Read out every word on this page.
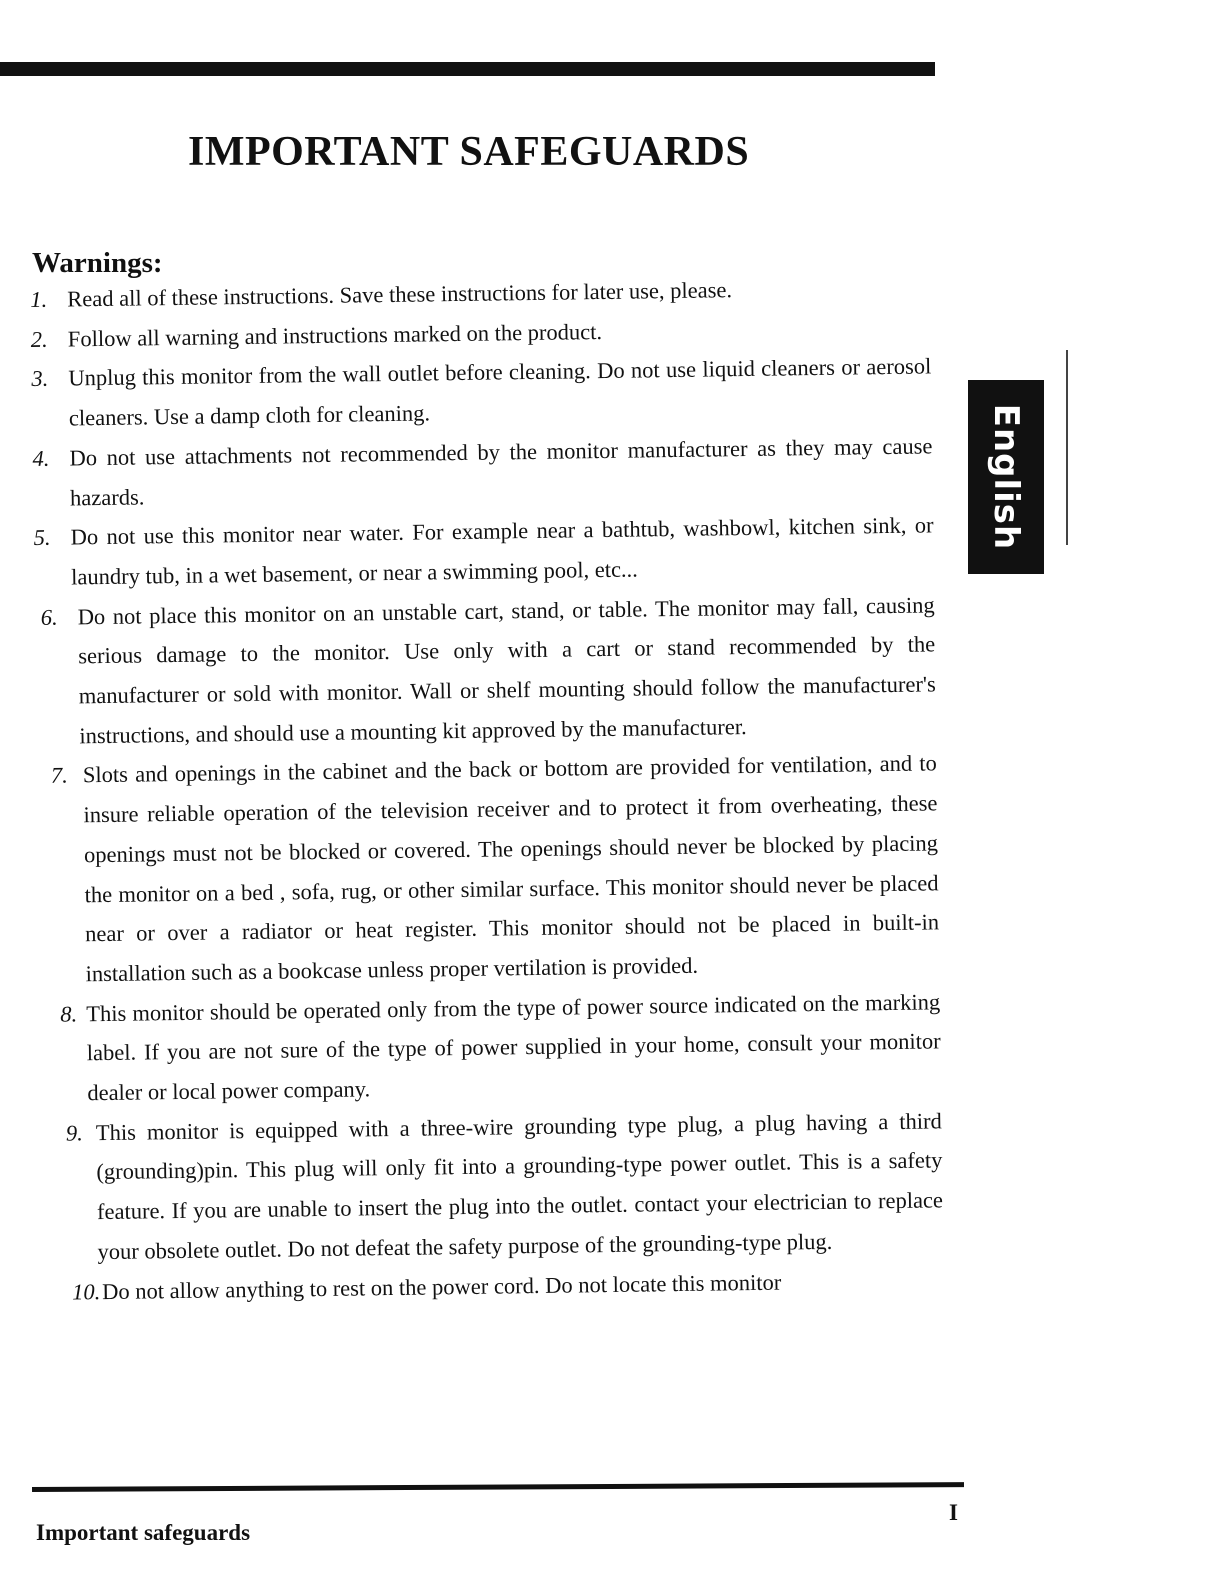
IMPORTANT SAFEGUARDS
Warnings:
1. Read all of these instructions. Save these instructions for later use, please.
2. Follow all warning and instructions marked on the product.
3. Unplug this monitor from the wall outlet before cleaning. Do not use liquid cleaners or aerosol cleaners. Use a damp cloth for cleaning.
4. Do not use attachments not recommended by the monitor manufacturer as they may cause hazards.
5. Do not use this monitor near water. For example near a bathtub, washbowl, kitchen sink, or laundry tub, in a wet basement, or near a swimming pool, etc...
6. Do not place this monitor on an unstable cart, stand, or table. The monitor may fall, causing serious damage to the monitor. Use only with a cart or stand recommended by the manufacturer or sold with monitor. Wall or shelf mounting should follow the manufacturer's instructions, and should use a mounting kit approved by the manufacturer.
7. Slots and openings in the cabinet and the back or bottom are provided for ventilation, and to insure reliable operation of the television receiver and to protect it from overheating, these openings must not be blocked or covered. The openings should never be blocked by placing the monitor on a bed , sofa, rug, or other similar surface. This monitor should never be placed near or over a radiator or heat register. This monitor should not be placed in built-in installation such as a bookcase unless proper vertilation is provided.
8. This monitor should be operated only from the type of power source indicated on the marking label. If you are not sure of the type of power supplied in your home, consult your monitor dealer or local power company.
9. This monitor is equipped with a three-wire grounding type plug, a plug having a third (grounding)pin. This plug will only fit into a grounding-type power outlet. This is a safety feature. If you are unable to insert the plug into the outlet. contact your electrician to replace your obsolete outlet. Do not defeat the safety purpose of the grounding-type plug.
10. Do not allow anything to rest on the power cord. Do not locate this monitor
English

Important safeguards

I
